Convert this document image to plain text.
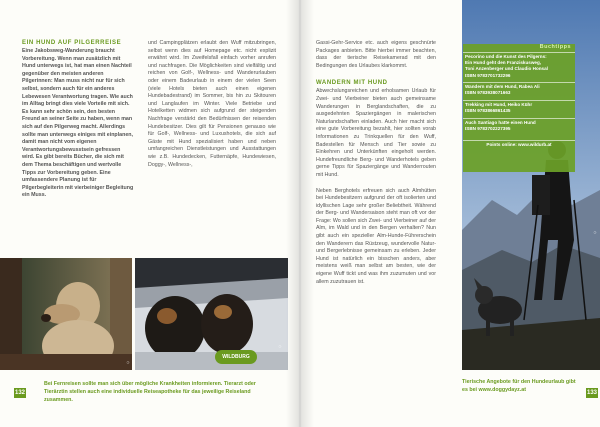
EIN HUND AUF PILGERREISE

Eine Jakobsweg-Wanderung braucht Vorbereitung. Wenn man zusätzlich mit Hund unterwegs ist, hat man einen Nachteil gegenüber den meisten anderen Pilgerinnen: Man muss nicht nur für sich selbst, sondern auch für ein anderes Lebewesen Verantwortung tragen. Wie auch im Alltag bringt dies viele Vorteile mit sich. Es kann sehr schön sein, den besten Freund an seiner Seite zu haben, wenn man sich auf den Pilgerweg macht. Allerdings sollte man unterwegs einiges mit einplanen, damit man nicht vom eigenen Verantwortungsbewusstsein gefressen wird. Es gibt bereits Bücher, die sich mit dem Thema beschäftigen und wertvolle Tipps zur Vorbereitung geben. Eine umfassendere Planung ist für Pilgerbegleiterin mit vierbeiniger Begleitung ein Muss.

und Campingplätzen erlaubt den Wuff mitzubringen, selbst wenn dies auf Homepage etc. nicht explizit erwähnt wird. Im Zweifelsfall einfach vorher anrufen und nachfragen. Die Möglichkeiten sind vielfältig und reichen von Golf-, Wellness- und Wanderurlauben oder einem Badeurlaub in einem der vielen Seen (viele Hotels bieten auch einen eigenen Hundebadestrand) im Sommer, bis hin zu Skitouren und Langlaufen im Winter. Viele Betriebe und Hotelketten widmen sich aufgrund der steigenden Nachfrage verstärkt den Bedürfnissen der reisenden Hundebesitzer. Dies gilt für Pensionen genauso wie für Golf-, Wellness- und Luxushotels, die sich auf Gäste mit Hund spezialisiert haben und neben umfangreichen Dienstleistungen und Ausstattungen wie z.B. Hundedecken, Futternäpfe, Hundewiesen, Doggy-, Wellness-,

©
WILDBURG
©
Bei Fernreisen sollte man sich über mögliche Krankheiten informieren. Tierarzt oder Tierärztin stellen auch eine individuelle Reiseapotheke für das jeweilige Reiseland zusammen.
132

Gassi-Gehr-Service etc. auch eigens geschnürte Packages anbieten. Bitte hierbei immer beachten, dass der tierische Reisekamerad mit den Bedingungen des Urlaubes klarkommt.

WANDERN MIT HUND

Abwechslungsreichen und erholsamen Urlaub für Zwei- und Vierbeiner bieten auch gemeinsame Wanderungen in Berglandschaften, die zu ausgedehnten Spaziergängen in malerischen Naturlandschaften einladen. Auch hier macht sich eine gute Vorbereitung bezahlt, hier sollten vorab Informationen zu Trinkquellen für den Wuff, Badestellen für Mensch und Tier sowie zu Einkehren und Unterkünften eingeholt werden. Hundefreundliche Berg- und Wanderhotels geben gerne Tipps für Spaziergänge und Wanderrouten mit Hund.

Neben Berghotels erfreuen sich auch Almhütten bei Hundebesitzern aufgrund der oft isolierten und idyllischen Lage sehr großer Beliebtheit. Während der Berg- und Wandersaison steht man oft vor der Frage: Wo sollen sich Zwei- und Vierbeiner auf der Alm, im Wald und in den Bergen verhalten? Nun gibt auch ein spezieller Alm-Hunde-Führerschein den Wanderern das Rüstzeug, wundervolle Natur- und Bergerlebnisse gemeinsam zu erleben. Jeder Hund ist natürlich ein bisschen anders, aber meistens weiß man selbst am besten, wie der eigene Wuff tickt und was ihm zuzumuten und vor allem zuzutrauen ist.

©
Tierische Angebote für den Hundeurlaub gibt es bei www.doggydayz.at	133
Buchtipps
Pecorino und die Kunst des Pilgerns:
Ein Hund geht den Franziskusweg,
Toni Anzenberger und Claudio Honsal
ISBN 9783701732296
Wandern mit dem Hund, Rabea Ali
ISBN 9783938071663
Trekking mit Hund, Heiko Kühr
ISBN 9783866861435
Auch Santiago hatte einen Hund
ISBN 9783702227395
Points online: www.wildurb.at
